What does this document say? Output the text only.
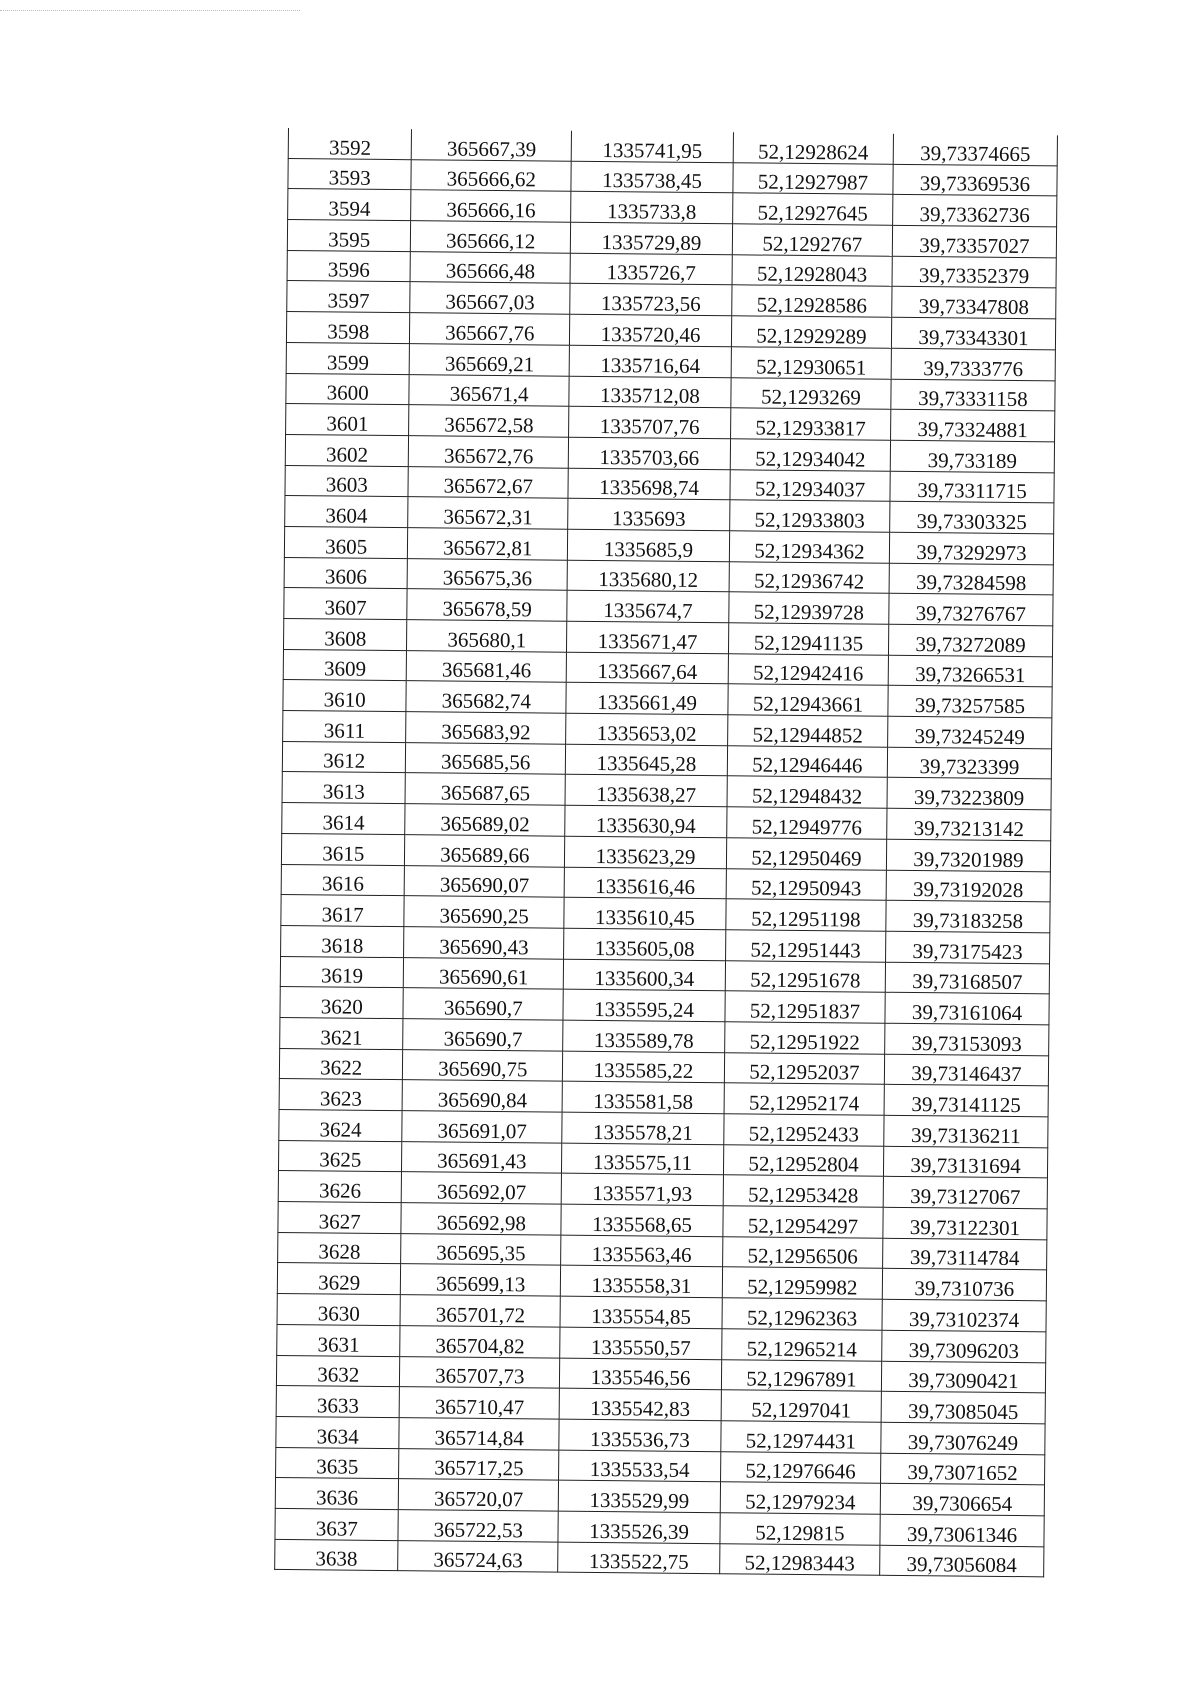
3592	365667,39	1335741,95	52,12928624	39,73374665
3593	365666,62	1335738,45	52,12927987	39,73369536
3594	365666,16	1335733,8	52,12927645	39,73362736
3595	365666,12	1335729,89	52,1292767	39,73357027
3596	365666,48	1335726,7	52,12928043	39,73352379
3597	365667,03	1335723,56	52,12928586	39,73347808
3598	365667,76	1335720,46	52,12929289	39,73343301
3599	365669,21	1335716,64	52,12930651	39,7333776
3600	365671,4	1335712,08	52,1293269	39,73331158
3601	365672,58	1335707,76	52,12933817	39,73324881
3602	365672,76	1335703,66	52,12934042	39,733189
3603	365672,67	1335698,74	52,12934037	39,73311715
3604	365672,31	1335693	52,12933803	39,73303325
3605	365672,81	1335685,9	52,12934362	39,73292973
3606	365675,36	1335680,12	52,12936742	39,73284598
3607	365678,59	1335674,7	52,12939728	39,73276767
3608	365680,1	1335671,47	52,12941135	39,73272089
3609	365681,46	1335667,64	52,12942416	39,73266531
3610	365682,74	1335661,49	52,12943661	39,73257585
3611	365683,92	1335653,02	52,12944852	39,73245249
3612	365685,56	1335645,28	52,12946446	39,7323399
3613	365687,65	1335638,27	52,12948432	39,73223809
3614	365689,02	1335630,94	52,12949776	39,73213142
3615	365689,66	1335623,29	52,12950469	39,73201989
3616	365690,07	1335616,46	52,12950943	39,73192028
3617	365690,25	1335610,45	52,12951198	39,73183258
3618	365690,43	1335605,08	52,12951443	39,73175423
3619	365690,61	1335600,34	52,12951678	39,73168507
3620	365690,7	1335595,24	52,12951837	39,73161064
3621	365690,7	1335589,78	52,12951922	39,73153093
3622	365690,75	1335585,22	52,12952037	39,73146437
3623	365690,84	1335581,58	52,12952174	39,73141125
3624	365691,07	1335578,21	52,12952433	39,73136211
3625	365691,43	1335575,11	52,12952804	39,73131694
3626	365692,07	1335571,93	52,12953428	39,73127067
3627	365692,98	1335568,65	52,12954297	39,73122301
3628	365695,35	1335563,46	52,12956506	39,73114784
3629	365699,13	1335558,31	52,12959982	39,7310736
3630	365701,72	1335554,85	52,12962363	39,73102374
3631	365704,82	1335550,57	52,12965214	39,73096203
3632	365707,73	1335546,56	52,12967891	39,73090421
3633	365710,47	1335542,83	52,1297041	39,73085045
3634	365714,84	1335536,73	52,12974431	39,73076249
3635	365717,25	1335533,54	52,12976646	39,73071652
3636	365720,07	1335529,99	52,12979234	39,7306654
3637	365722,53	1335526,39	52,129815	39,73061346
3638	365724,63	1335522,75	52,12983443	39,73056084
